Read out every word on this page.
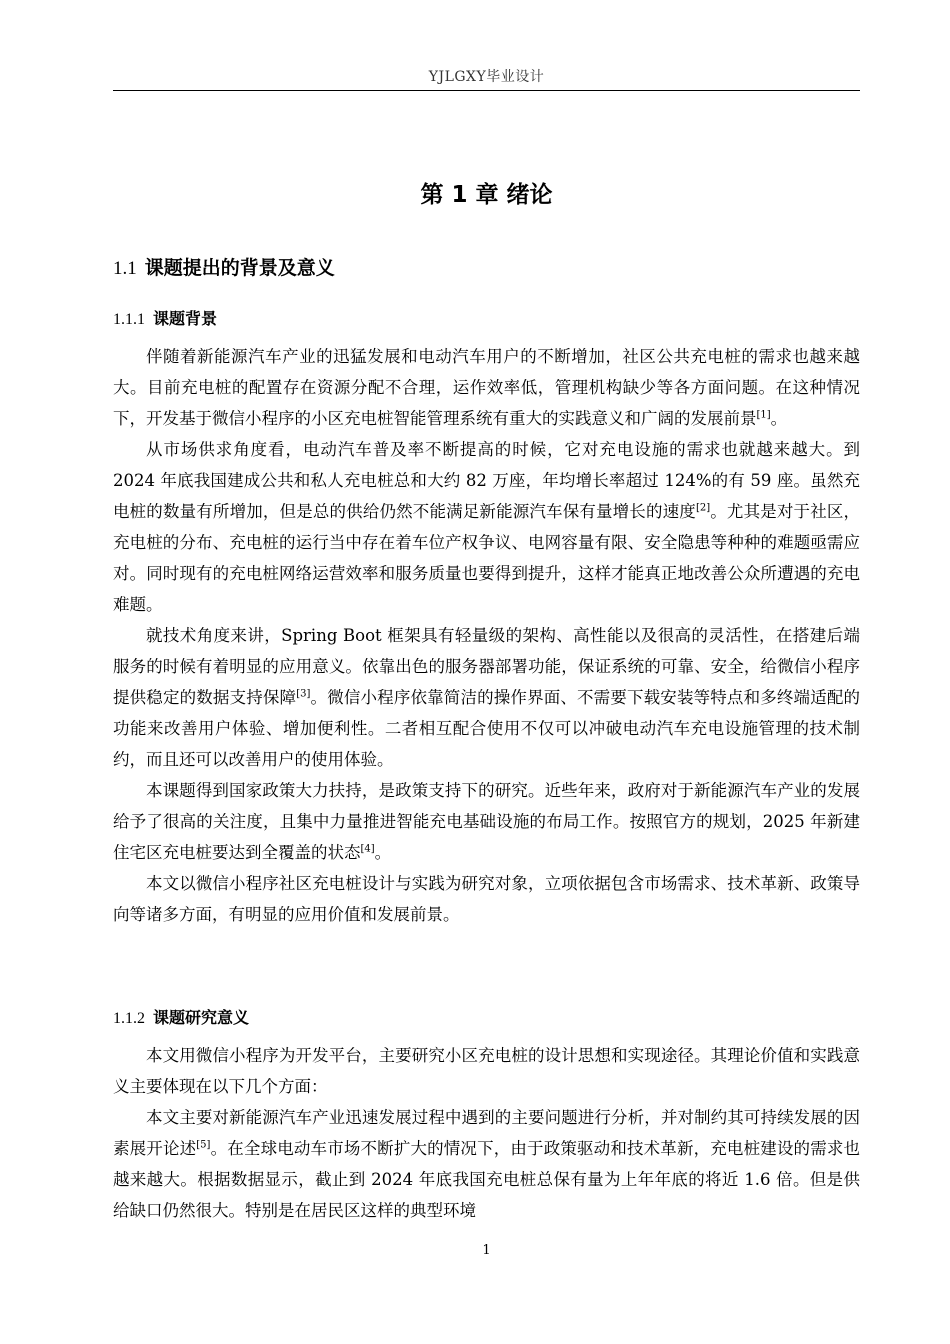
YJLGXY毕业设计
第 1 章 绪论
1.1 课题提出的背景及意义
1.1.1 课题背景

伴随着新能源汽车产业的迅猛发展和电动汽车用户的不断增加，社区公共充电桩的需求也越来越大。目前充电桩的配置存在资源分配不合理，运作效率低，管理机构缺少等各方面问题。在这种情况下，开发基于微信小程序的小区充电桩智能管理系统有重大的实践意义和广阔的发展前景[1]。

从市场供求角度看，电动汽车普及率不断提高的时候，它对充电设施的需求也就越来越大。到 2024 年底我国建成公共和私人充电桩总和大约 82 万座，年均增长率超过 124%的有 59 座。虽然充电桩的数量有所增加，但是总的供给仍然不能满足新能源汽车保有量增长的速度[2]。尤其是对于社区，充电桩的分布、充电桩的运行当中存在着车位产权争议、电网容量有限、安全隐患等种种的难题亟需应对。同时现有的充电桩网络运营效率和服务质量也要得到提升，这样才能真正地改善公众所遭遇的充电难题。

就技术角度来讲，Spring Boot 框架具有轻量级的架构、高性能以及很高的灵活性，在搭建后端服务的时候有着明显的应用意义。依靠出色的服务器部署功能，保证系统的可靠、安全，给微信小程序提供稳定的数据支持保障[3]。微信小程序依靠简洁的操作界面、不需要下载安装等特点和多终端适配的功能来改善用户体验、增加便利性。二者相互配合使用不仅可以冲破电动汽车充电设施管理的技术制约，而且还可以改善用户的使用体验。

本课题得到国家政策大力扶持，是政策支持下的研究。近些年来，政府对于新能源汽车产业的发展给予了很高的关注度，且集中力量推进智能充电基础设施的布局工作。按照官方的规划，2025 年新建住宅区充电桩要达到全覆盖的状态[4]。

本文以微信小程序社区充电桩设计与实践为研究对象，立项依据包含市场需求、技术革新、政策导向等诸多方面，有明显的应用价值和发展前景。

1.1.2 课题研究意义

本文用微信小程序为开发平台，主要研究小区充电桩的设计思想和实现途径。其理论价值和实践意义主要体现在以下几个方面：

本文主要对新能源汽车产业迅速发展过程中遇到的主要问题进行分析，并对制约其可持续发展的因素展开论述[5]。在全球电动车市场不断扩大的情况下，由于政策驱动和技术革新，充电桩建设的需求也越来越大。根据数据显示，截止到 2024 年底我国充电桩总保有量为上年年底的将近 1.6 倍。但是供给缺口仍然很大。特别是在居民区这样的典型环境

1
